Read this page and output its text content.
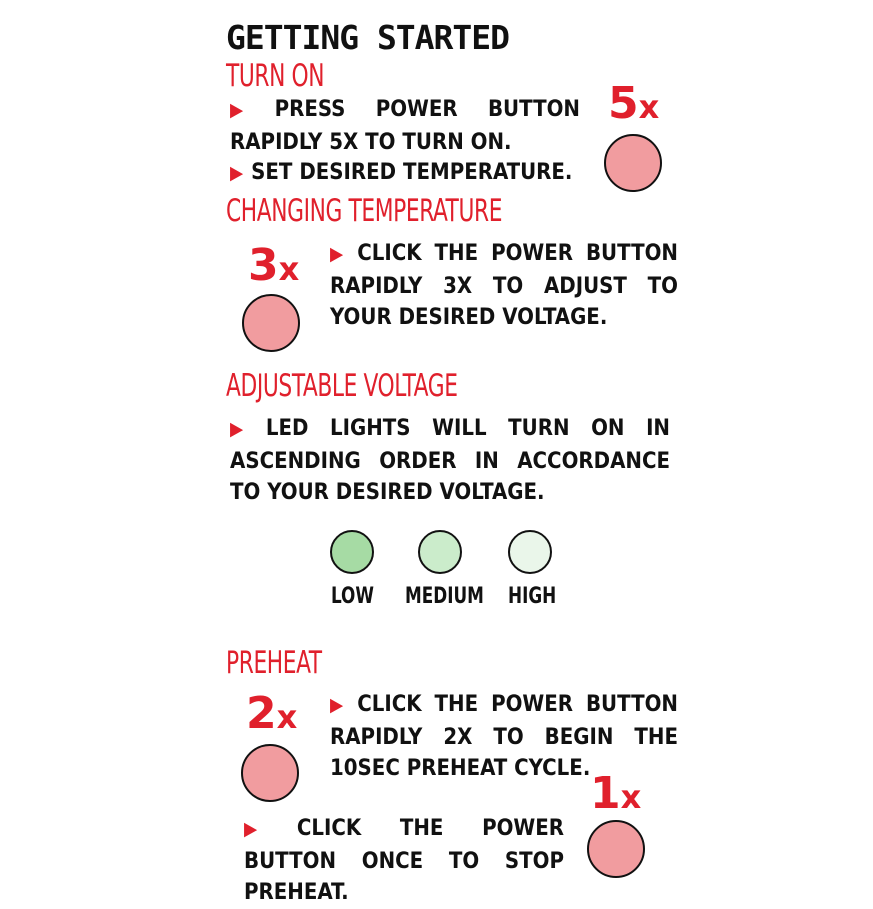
GETTING STARTED
TURN ON
▶ PRESS POWER BUTTON RAPIDLY 5X TO TURN ON.
▶ SET DESIRED TEMPERATURE.
5x
CHANGING TEMPERATURE
3x ▶ CLICK THE POWER BUTTON RAPIDLY 3X TO ADJUST TO YOUR DESIRED VOLTAGE.
ADJUSTABLE VOLTAGE
▶ LED LIGHTS WILL TURN ON IN ASCENDING ORDER IN ACCORDANCE TO YOUR DESIRED VOLTAGE.
LOW MEDIUM HIGH
PREHEAT
2x ▶ CLICK THE POWER BUTTON RAPIDLY 2X TO BEGIN THE 10SEC PREHEAT CYCLE.
▶ CLICK THE POWER BUTTON ONCE TO STOP PREHEAT.
1x
